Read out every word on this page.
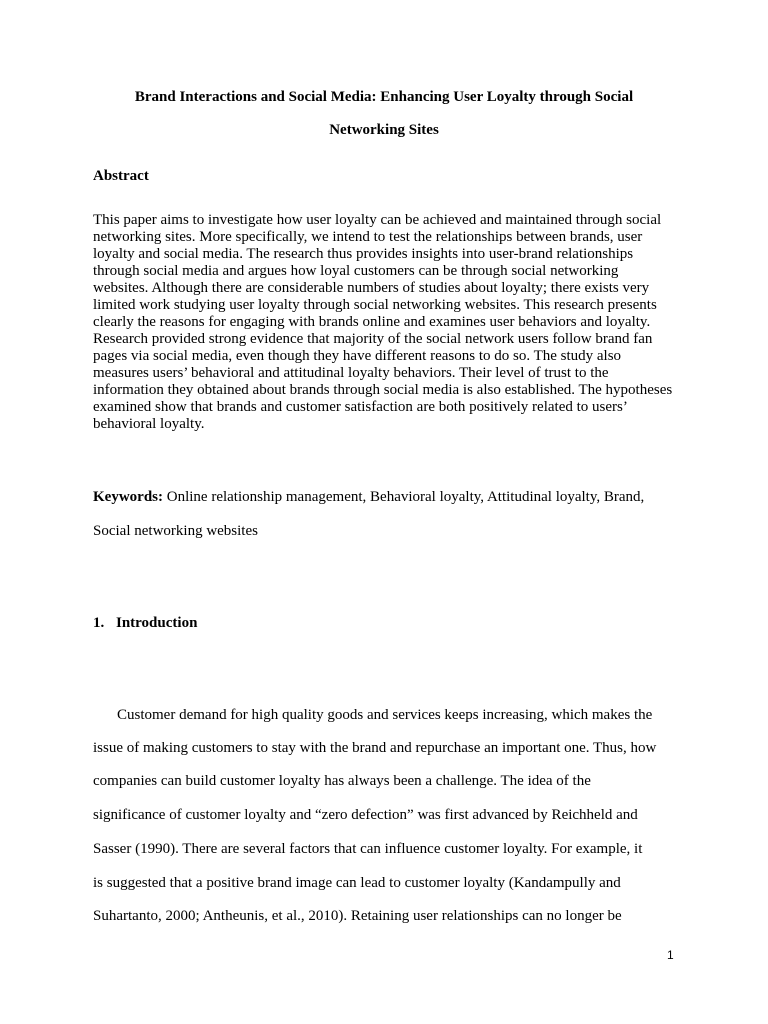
Brand Interactions and Social Media: Enhancing User Loyalty through Social
Networking Sites
Abstract

This paper aims to investigate how user loyalty can be achieved and maintained through social networking sites. More specifically, we intend to test the relationships between brands, user loyalty and social media. The research thus provides insights into user-brand relationships through social media and argues how loyal customers can be through social networking websites. Although there are considerable numbers of studies about loyalty; there exists very limited work studying user loyalty through social networking websites. This research presents clearly the reasons for engaging with brands online and examines user behaviors and loyalty. Research provided strong evidence that majority of the social network users follow brand fan pages via social media, even though they have different reasons to do so. The study also measures users’ behavioral and attitudinal loyalty behaviors. Their level of trust to the information they obtained about brands through social media is also established. The hypotheses examined show that brands and customer satisfaction are both positively related to users’ behavioral loyalty.

Keywords: Online relationship management, Behavioral loyalty, Attitudinal loyalty, Brand,
Social networking websites
1. Introduction
Customer demand for high quality goods and services keeps increasing, which makes the
issue of making customers to stay with the brand and repurchase an important one. Thus, how
companies can build customer loyalty has always been a challenge. The idea of the
significance of customer loyalty and “zero defection” was first advanced by Reichheld and
Sasser (1990). There are several factors that can influence customer loyalty. For example, it
is suggested that a positive brand image can lead to customer loyalty (Kandampully and
Suhartanto, 2000; Antheunis, et al., 2010). Retaining user relationships can no longer be
1
